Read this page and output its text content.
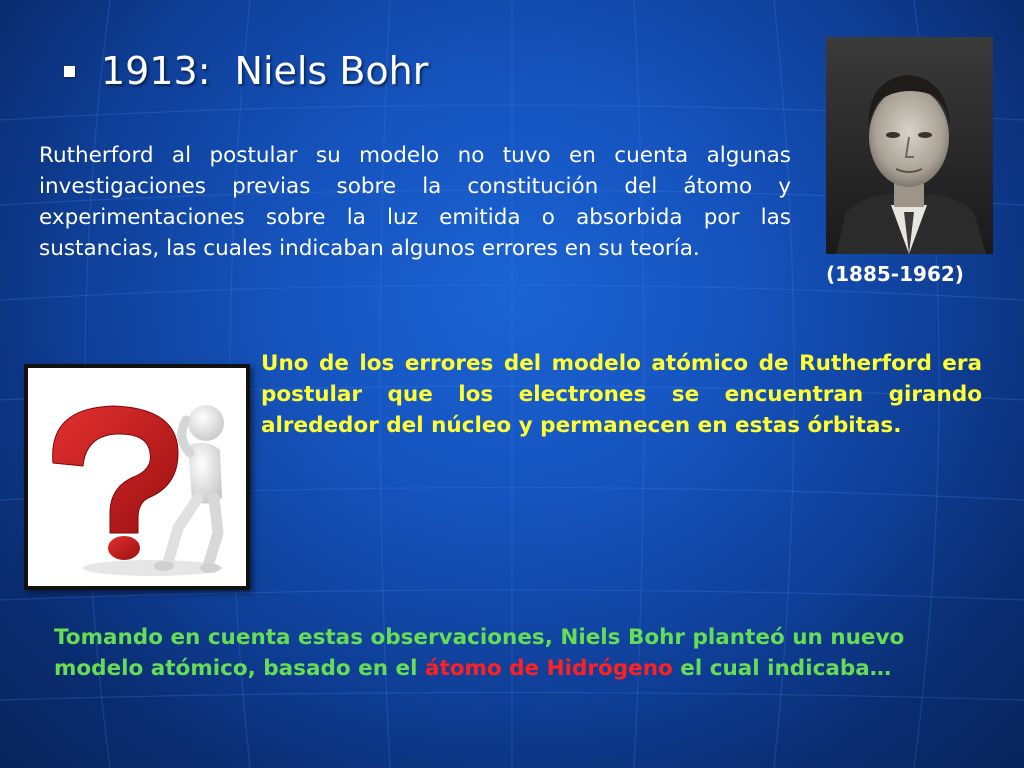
1913: Niels Bohr
Rutherford al postular su modelo no tuvo en cuenta algunas investigaciones previas sobre la constitución del átomo y experimentaciones sobre la luz emitida o absorbida por las sustancias, las cuales indicaban algunos errores en su teoría.
(1885-1962)
Uno de los errores del modelo atómico de Rutherford era postular que los electrones se encuentran girando alrededor del núcleo y permanecen en estas órbitas.
Tomando en cuenta estas observaciones, Niels Bohr planteó un nuevo modelo atómico, basado en el átomo de Hidrógeno el cual indicaba…
